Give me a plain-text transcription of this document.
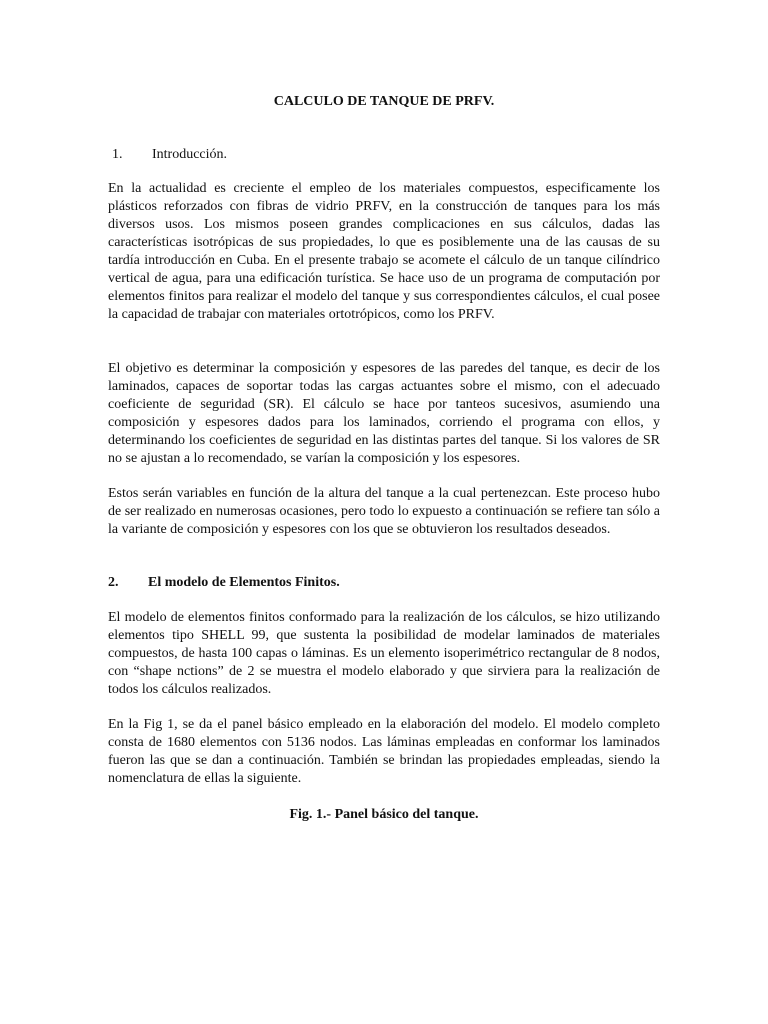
CALCULO DE TANQUE DE PRFV.
1. Introducción.

En la actualidad es creciente el empleo de los materiales compuestos, especificamente los plásticos reforzados con fibras de vidrio PRFV, en la construcción de tanques para los más diversos usos. Los mismos poseen grandes complicaciones en sus cálculos, dadas las características isotrópicas de sus propiedades, lo que es posiblemente una de las causas de su tardía introducción en Cuba. En el presente trabajo se acomete el cálculo de un tanque cilíndrico vertical de agua, para una edificación turística. Se hace uso de un programa de computación por elementos finitos para realizar el modelo del tanque y sus correspondientes cálculos, el cual posee la capacidad de trabajar con materiales ortotrópicos, como los PRFV.

El objetivo es determinar la composición y espesores de las paredes del tanque, es decir de los laminados, capaces de soportar todas las cargas actuantes sobre el mismo, con el adecuado coeficiente de seguridad (SR). El cálculo se hace por tanteos sucesivos, asumiendo una composición y espesores dados para los laminados, corriendo el programa con ellos, y determinando los coeficientes de seguridad en las distintas partes del tanque. Si los valores de SR no se ajustan a lo recomendado, se varían la composición y los espesores.

Estos serán variables en función de la altura del tanque a la cual pertenezcan. Este proceso hubo de ser realizado en numerosas ocasiones, pero todo lo expuesto a continuación se refiere tan sólo a la variante de composición y espesores con los que se obtuvieron los resultados deseados.

2. El modelo de Elementos Finitos.

El modelo de elementos finitos conformado para la realización de los cálculos, se hizo utilizando elementos tipo SHELL 99, que sustenta la posibilidad de modelar laminados de materiales compuestos, de hasta 100 capas o láminas. Es un elemento isoperimétrico rectangular de 8 nodos, con “shape nctions” de 2 se muestra el modelo elaborado y que sirviera para la realización de todos los cálculos realizados.

En la Fig 1, se da el panel básico empleado en la elaboración del modelo. El modelo completo consta de 1680 elementos con 5136 nodos. Las láminas empleadas en conformar los laminados fueron las que se dan a continuación. También se brindan las propiedades empleadas, siendo la nomenclatura de ellas la siguiente.

Fig. 1.- Panel básico del tanque.
